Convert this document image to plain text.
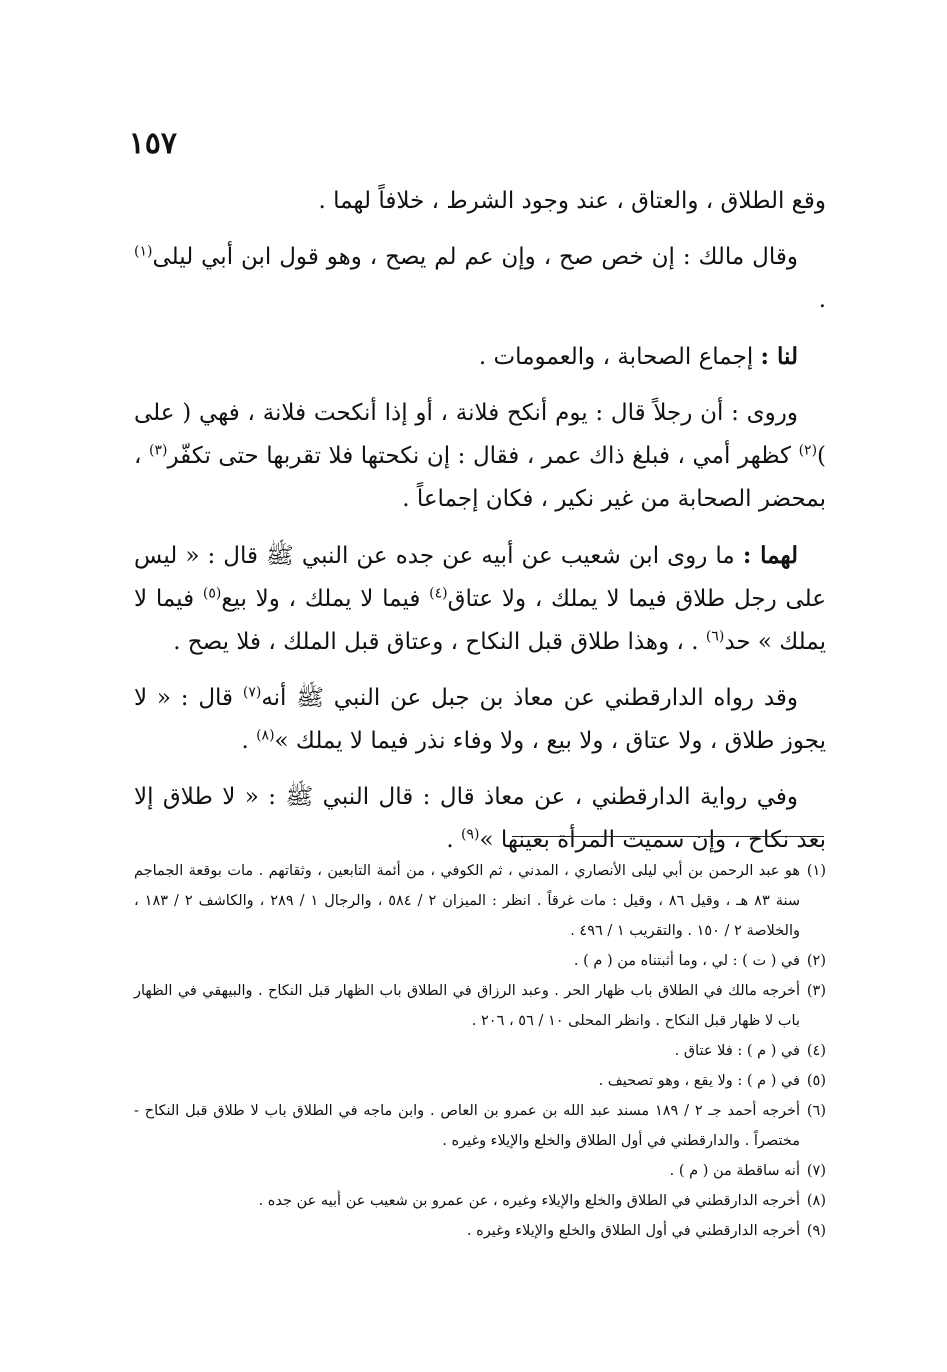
١٥٧

وقع الطلاق ، والعتاق ، عند وجود الشرط ، خلافاً لهما .

وقال مالك : إن خص صح ، وإن عم لم يصح ، وهو قول ابن أبي ليلى$^{(١)}$ .

لنا : إجماع الصحابة ، والعمومات .

وروى : أن رجلاً قال : يوم أنكح فلانة ، أو إذا أنكحت فلانة ، فهي ( على )$^{(٢)}$ كظهر أمي ، فبلغ ذاك عمر ، فقال : إن نكحتها فلا تقربها حتى تكفّر$^{(٣)}$ ، بمحضر الصحابة من غير نكير ، فكان إجماعاً .

لهما : ما روى ابن شعيب عن أبيه عن جده عن النبي ﷺ قال : « ليس على رجل طلاق فيما لا يملك ، ولا عتاق$^{(٤)}$ فيما لا يملك ، ولا بيع$^{(٥)}$ فيما لا يملك » حد$^{(٦)}$ . ، وهذا طلاق قبل النكاح ، وعتاق قبل الملك ، فلا يصح .

وقد رواه الدارقطني عن معاذ بن جبل عن النبي ﷺ أنه$^{(٧)}$ قال : « لا يجوز طلاق ، ولا عتاق ، ولا بيع ، ولا وفاء نذر فيما لا يملك »$^{(٨)}$ .

وفي رواية الدارقطني ، عن معاذ قال : قال النبي ﷺ : « لا طلاق إلا بعد نكاح ، وإن سميت المرأة بعينها »$^{(٩)}$ .

(١)هو عبد الرحمن بن أبي ليلى الأنصاري ، المدني ، ثم الكوفي ، من أئمة التابعين ، وثقاتهم . مات بوقعة الجماجم سنة ٨٣ هـ ، وقيل ٨٦ ، وقيل : مات غرقاً . انظر : الميزان ٢ / ٥٨٤ ، والرجال ١ / ٢٨٩ ، والكاشف ٢ / ١٨٣ ، والخلاصة ٢ / ١٥٠ . والتقريب ١ / ٤٩٦ .

(٢)في ( ت ) : لي ، وما أثبتناه من ( م ) .

(٣)أخرجه مالك في الطلاق باب ظهار الحر . وعبد الرزاق في الطلاق باب الظهار قبل النكاح . والبيهقي في الظهار باب لا ظهار قبل النكاح . وانظر المحلى ١٠ / ٥٦ ، ٢٠٦ .

(٤)في ( م ) : فلا عتاق .

(٥)في ( م ) : ولا يقع ، وهو تصحيف .

(٦)أخرجه أحمد جـ ٢ / ١٨٩ مسند عبد الله بن عمرو بن العاص . وابن ماجه في الطلاق باب لا طلاق قبل النكاح - مختصراً . والدارقطني في أول الطلاق والخلع والإيلاء وغيره .

(٧)أنه ساقطة من ( م ) .

(٨)أخرجه الدارقطني في الطلاق والخلع والإيلاء وغيره ، عن عمرو بن شعيب عن أبيه عن جده .

(٩)أخرجه الدارقطني في أول الطلاق والخلع والإيلاء وغيره .
